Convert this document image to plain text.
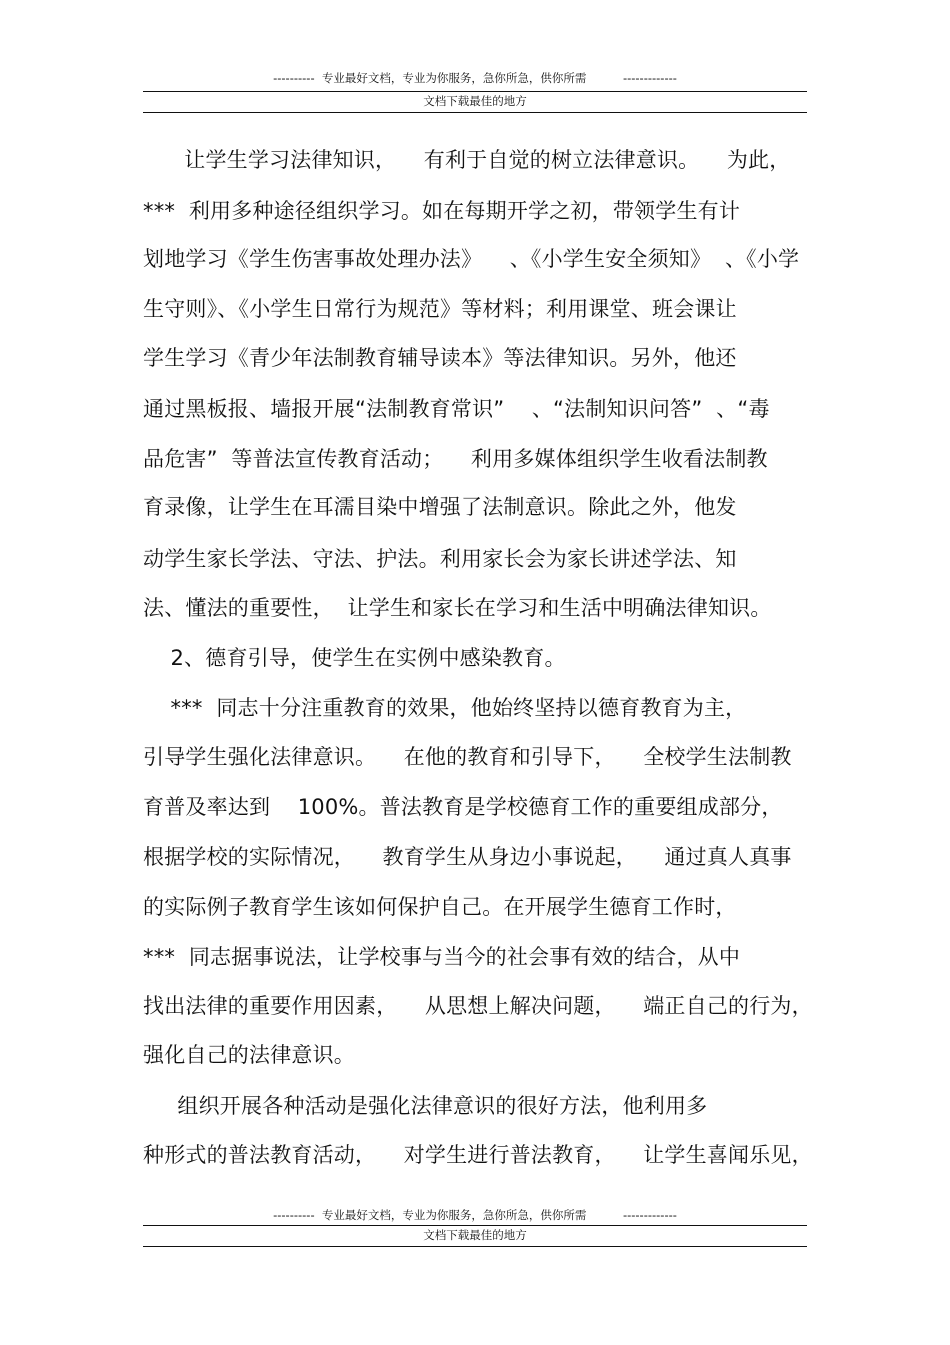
----------  专业最好文档，专业为你服务，急你所急，供你所需          -------------
文档下载最佳的地方
让学生学习法律知识，    有利于自觉的树立法律意识。    为此，
***  利用多种途径组织学习。如在每期开学之初，带领学生有计
划地学习《学生伤害事故处理办法》    、《小学生安全须知》  、《小学
生守则》、《小学生日常行为规范》等材料；利用课堂、班会课让
学生学习《青少年法制教育辅导读本》等法律知识。另外，他还
通过黑板报、墙报开展“法制教育常识”    、“法制知识问答”  、“毒
品危害”  等普法宣传教育活动；    利用多媒体组织学生收看法制教
育录像，让学生在耳濡目染中增强了法制意识。除此之外，他发
动学生家长学法、守法、护法。利用家长会为家长讲述学法、知
法、懂法的重要性，  让学生和家长在学习和生活中明确法律知识。
2、德育引导，使学生在实例中感染教育。
***  同志十分注重教育的效果，他始终坚持以德育教育为主，
引导学生强化法律意识。    在他的教育和引导下，    全校学生法制教
育普及率达到    100%。普法教育是学校德育工作的重要组成部分，
根据学校的实际情况，    教育学生从身边小事说起，    通过真人真事
的实际例子教育学生该如何保护自己。在开展学生德育工作时，
***  同志据事说法，让学校事与当今的社会事有效的结合，从中
找出法律的重要作用因素，    从思想上解决问题，    端正自己的行为，
强化自己的法律意识。
组织开展各种活动是强化法律意识的很好方法，他利用多
种形式的普法教育活动，    对学生进行普法教育，    让学生喜闻乐见，
----------  专业最好文档，专业为你服务，急你所急，供你所需          -------------
文档下载最佳的地方
